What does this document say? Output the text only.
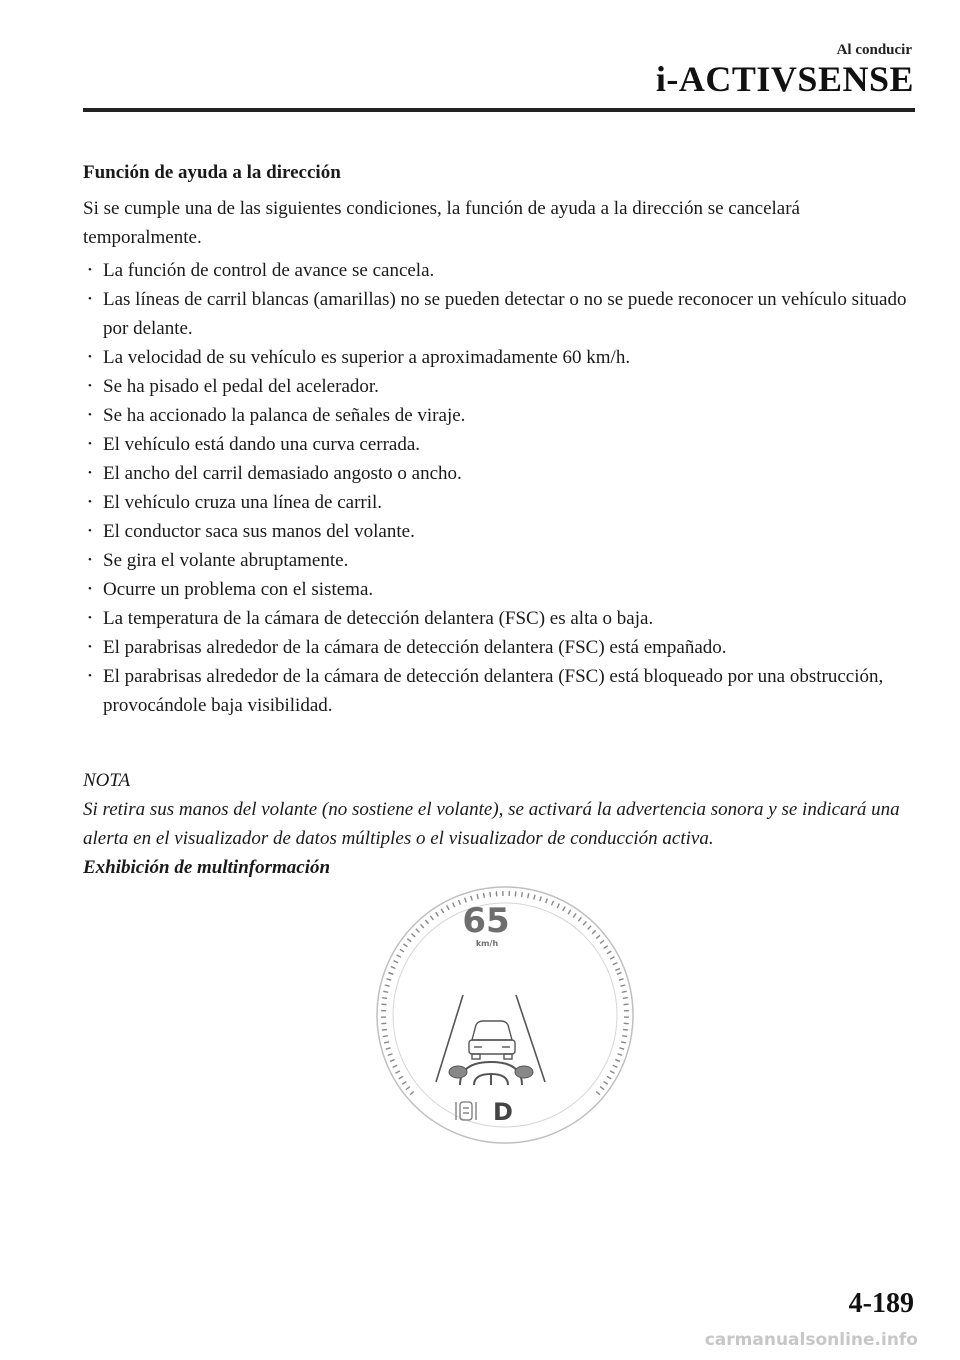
Al conducir
i-ACTIVSENSE
Función de ayuda a la dirección

Si se cumple una de las siguientes condiciones, la función de ayuda a la dirección se cancelará temporalmente.

• La función de control de avance se cancela.
• Las líneas de carril blancas (amarillas) no se pueden detectar o no se puede reconocer un vehículo situado por delante.
• La velocidad de su vehículo es superior a aproximadamente 60 km/h.
• Se ha pisado el pedal del acelerador.
• Se ha accionado la palanca de señales de viraje.
• El vehículo está dando una curva cerrada.
• El ancho del carril demasiado angosto o ancho.
• El vehículo cruza una línea de carril.
• El conductor saca sus manos del volante.
• Se gira el volante abruptamente.
• Ocurre un problema con el sistema.
• La temperatura de la cámara de detección delantera (FSC) es alta o baja.
• El parabrisas alrededor de la cámara de detección delantera (FSC) está empañado.
• El parabrisas alrededor de la cámara de detección delantera (FSC) está bloqueado por una obstrucción, provocándole baja visibilidad.
NOTA
Si retira sus manos del volante (no sostiene el volante), se activará la advertencia sonora y se indicará una alerta en el visualizador de datos múltiples o el visualizador de conducción activa.
Exhibición de multinformación
65
km/h
D
4-189
carmanualsonline.info
